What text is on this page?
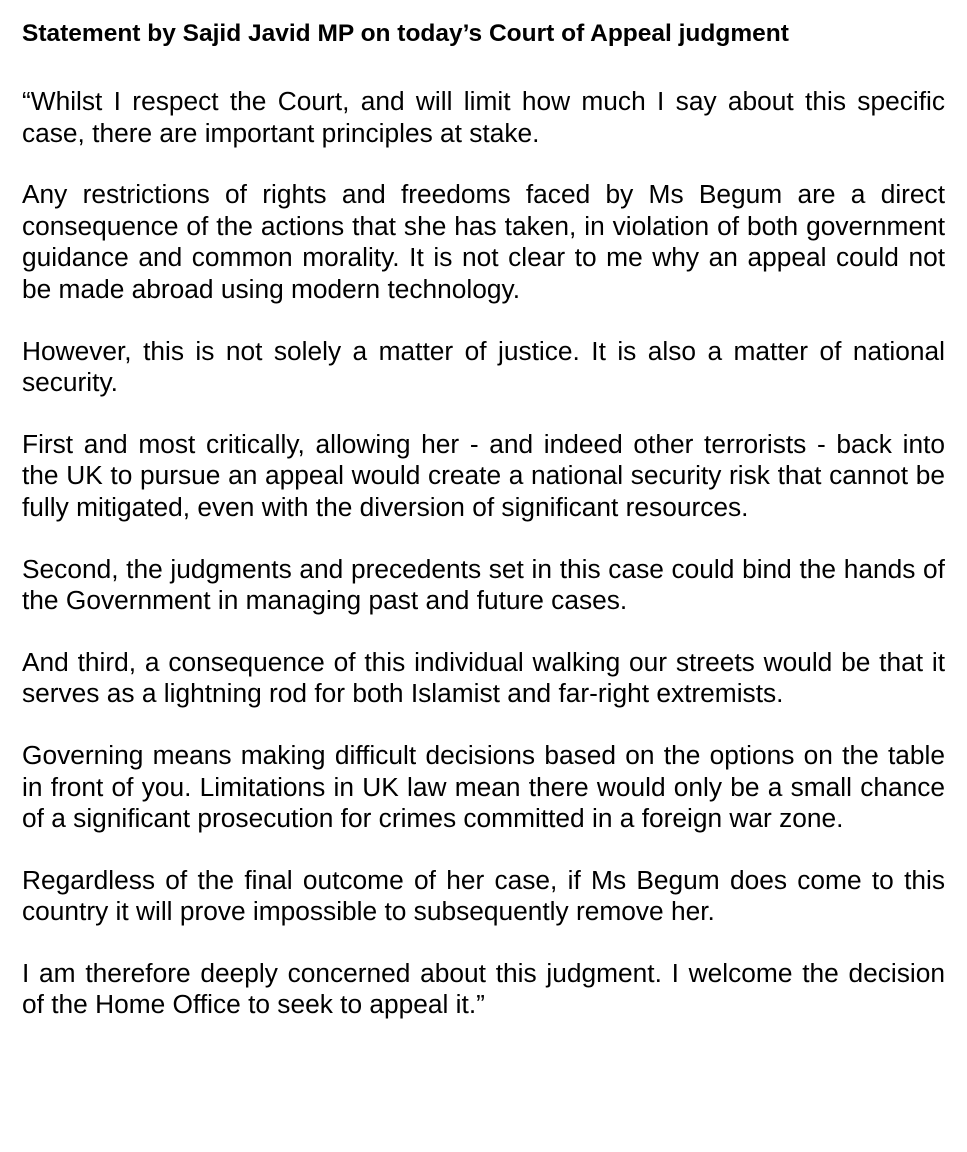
Statement by Sajid Javid MP on today’s Court of Appeal judgment

“Whilst I respect the Court, and will limit how much I say about this specific case, there are important principles at stake.

Any restrictions of rights and freedoms faced by Ms Begum are a direct consequence of the actions that she has taken, in violation of both government guidance and common morality. It is not clear to me why an appeal could not be made abroad using modern technology.

However, this is not solely a matter of justice. It is also a matter of national security.

First and most critically, allowing her - and indeed other terrorists - back into the UK to pursue an appeal would create a national security risk that cannot be fully mitigated, even with the diversion of significant resources.

Second, the judgments and precedents set in this case could bind the hands of the Government in managing past and future cases.

And third, a consequence of this individual walking our streets would be that it serves as a lightning rod for both Islamist and far-right extremists.

Governing means making difficult decisions based on the options on the table in front of you. Limitations in UK law mean there would only be a small chance of a significant prosecution for crimes committed in a foreign war zone.

Regardless of the final outcome of her case, if Ms Begum does come to this country it will prove impossible to subsequently remove her.

I am therefore deeply concerned about this judgment. I welcome the decision of the Home Office to seek to appeal it.”
